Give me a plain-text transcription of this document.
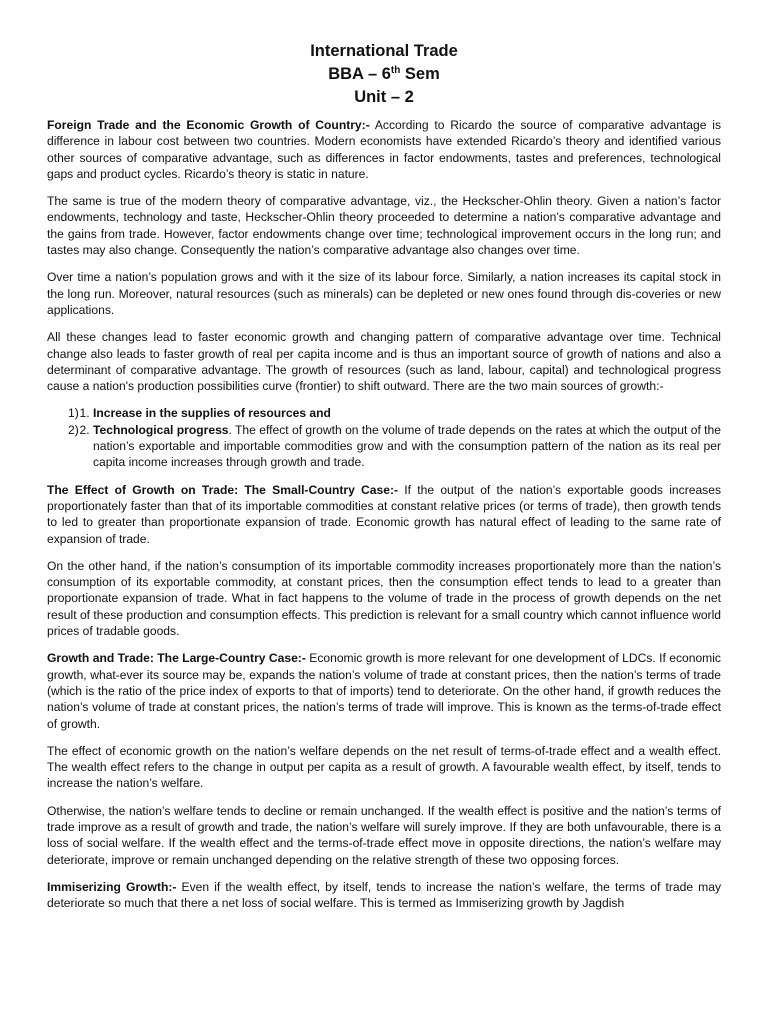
International Trade
BBA – 6th Sem
Unit – 2

Foreign Trade and the Economic Growth of Country:- According to Ricardo the source of comparative advantage is difference in labour cost between two countries. Modern economists have extended Ricardo’s theory and identified various other sources of comparative advantage, such as differences in factor endowments, tastes and preferences, technological gaps and product cycles. Ricardo’s theory is static in nature.

The same is true of the modern theory of comparative advantage, viz., the Heckscher-Ohlin theory. Given a nation’s factor endowments, technology and taste, Heckscher-Ohlin theory proceeded to determine a nation’s comparative advantage and the gains from trade. However, factor endowments change over time; technological improvement occurs in the long run; and tastes may also change. Consequently the nation’s comparative advantage also changes over time.

Over time a nation’s population grows and with it the size of its labour force. Similarly, a nation increases its capital stock in the long run. Moreover, natural resources (such as minerals) can be depleted or new ones found through dis-coveries or new applications.

All these changes lead to faster economic growth and changing pattern of comparative advantage over time. Technical change also leads to faster growth of real per capita income and is thus an important source of growth of nations and also a determinant of comparative advantage. The growth of resources (such as land, labour, capital) and technological progress cause a nation's production possibilities curve (frontier) to shift outward. There are the two main sources of growth:-

1. 1) Increase in the supplies of resources and
2. 2) Technological progress. The effect of growth on the volume of trade depends on the rates at which the output of the nation’s exportable and importable commodities grow and with the consumption pattern of the nation as its real per capita income increases through growth and trade.

The Effect of Growth on Trade: The Small-Country Case:- If the output of the nation’s exportable goods increases proportionately faster than that of its importable commodities at constant relative prices (or terms of trade), then growth tends to led to greater than proportionate expansion of trade. Economic growth has natural effect of leading to the same rate of expansion of trade.

On the other hand, if the nation’s consumption of its importable commodity increases proportionately more than the nation’s consumption of its exportable commodity, at constant prices, then the consumption effect tends to lead to a greater than proportionate expansion of trade. What in fact happens to the volume of trade in the process of growth depends on the net result of these production and consumption effects. This prediction is relevant for a small country which cannot influence world prices of tradable goods.

Growth and Trade: The Large-Country Case:- Economic growth is more relevant for one development of LDCs. If economic growth, what-ever its source may be, expands the nation’s volume of trade at constant prices, then the nation’s terms of trade (which is the ratio of the price index of exports to that of imports) tend to deteriorate. On the other hand, if growth reduces the nation’s volume of trade at constant prices, the nation’s terms of trade will improve. This is known as the terms-of-trade effect of growth.

The effect of economic growth on the nation’s welfare depends on the net result of terms-of-trade effect and a wealth effect. The wealth effect refers to the change in output per capita as a result of growth. A favourable wealth effect, by itself, tends to increase the nation’s welfare.

Otherwise, the nation’s welfare tends to decline or remain unchanged. If the wealth effect is positive and the nation’s terms of trade improve as a result of growth and trade, the nation’s welfare will surely improve. If they are both unfavourable, there is a loss of social welfare. If the wealth effect and the terms-of-trade effect move in opposite directions, the nation’s welfare may deteriorate, improve or remain unchanged depending on the relative strength of these two opposing forces.

Immiserizing Growth:- Even if the wealth effect, by itself, tends to increase the nation’s welfare, the terms of trade may deteriorate so much that there a net loss of social welfare. This is termed as Immiserizing growth by Jagdish
